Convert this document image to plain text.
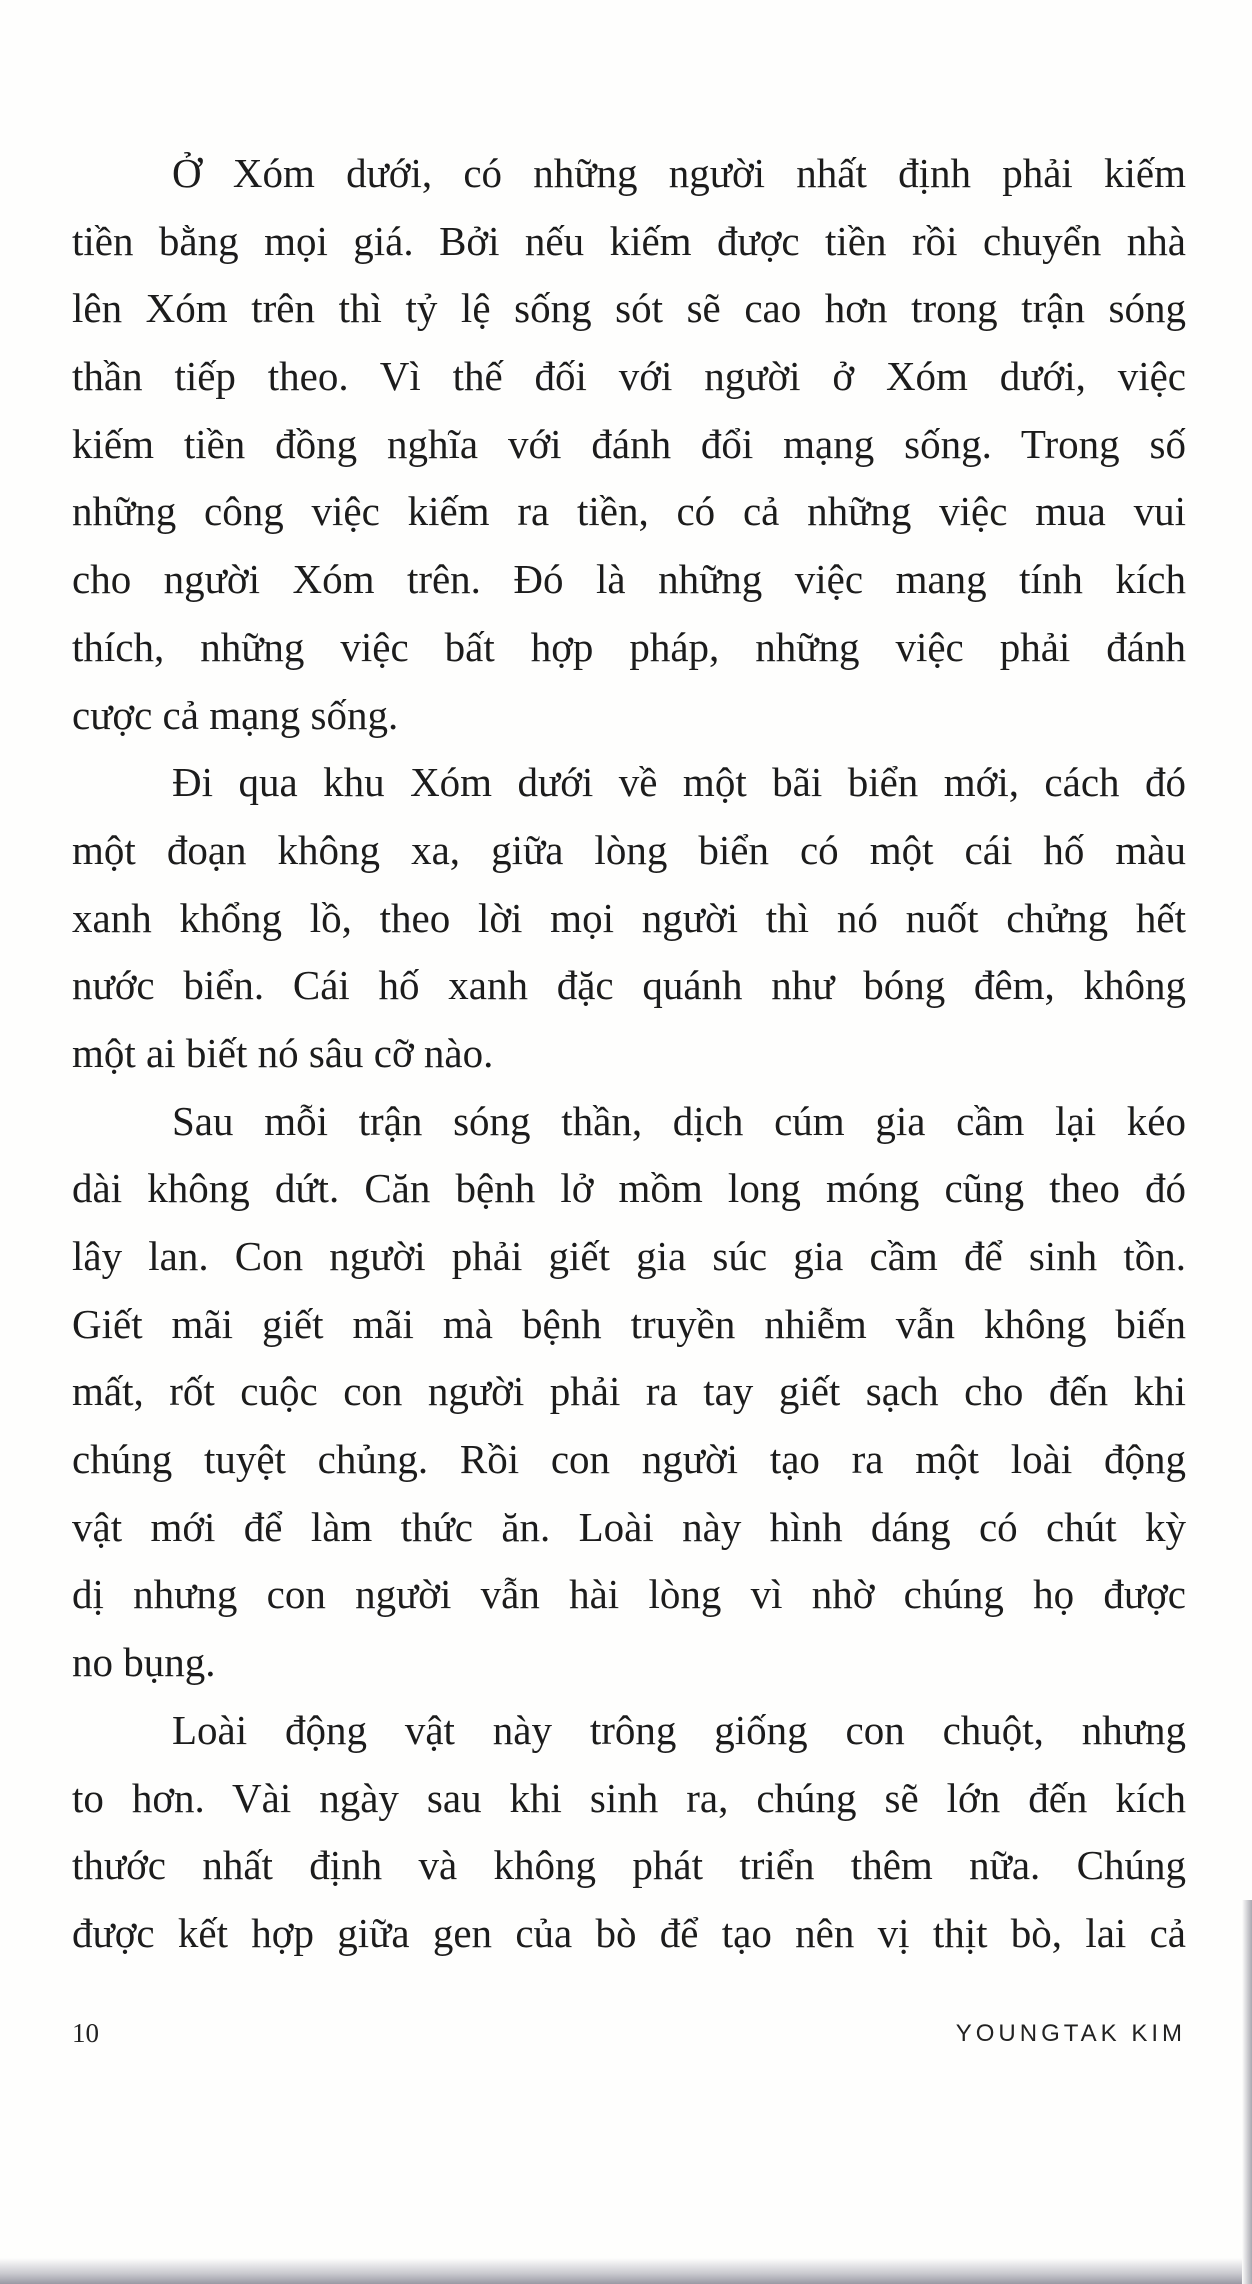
Ở Xóm dưới, có những người nhất định phải kiếm
tiền bằng mọi giá. Bởi nếu kiếm được tiền rồi chuyển nhà
lên Xóm trên thì tỷ lệ sống sót sẽ cao hơn trong trận sóng
thần tiếp theo. Vì thế đối với người ở Xóm dưới, việc
kiếm tiền đồng nghĩa với đánh đổi mạng sống. Trong số
những công việc kiếm ra tiền, có cả những việc mua vui
cho người Xóm trên. Đó là những việc mang tính kích
thích, những việc bất hợp pháp, những việc phải đánh
cược cả mạng sống.
Đi qua khu Xóm dưới về một bãi biển mới, cách đó
một đoạn không xa, giữa lòng biển có một cái hố màu
xanh khổng lồ, theo lời mọi người thì nó nuốt chửng hết
nước biển. Cái hố xanh đặc quánh như bóng đêm, không
một ai biết nó sâu cỡ nào.
Sau mỗi trận sóng thần, dịch cúm gia cầm lại kéo
dài không dứt. Căn bệnh lở mồm long móng cũng theo đó
lây lan. Con người phải giết gia súc gia cầm để sinh tồn.
Giết mãi giết mãi mà bệnh truyền nhiễm vẫn không biến
mất, rốt cuộc con người phải ra tay giết sạch cho đến khi
chúng tuyệt chủng. Rồi con người tạo ra một loài động
vật mới để làm thức ăn. Loài này hình dáng có chút kỳ
dị nhưng con người vẫn hài lòng vì nhờ chúng họ được
no bụng.
Loài động vật này trông giống con chuột, nhưng
to hơn. Vài ngày sau khi sinh ra, chúng sẽ lớn đến kích
thước nhất định và không phát triển thêm nữa. Chúng
được kết hợp giữa gen của bò để tạo nên vị thịt bò, lai cả
10	YOUNGTAK KIM
